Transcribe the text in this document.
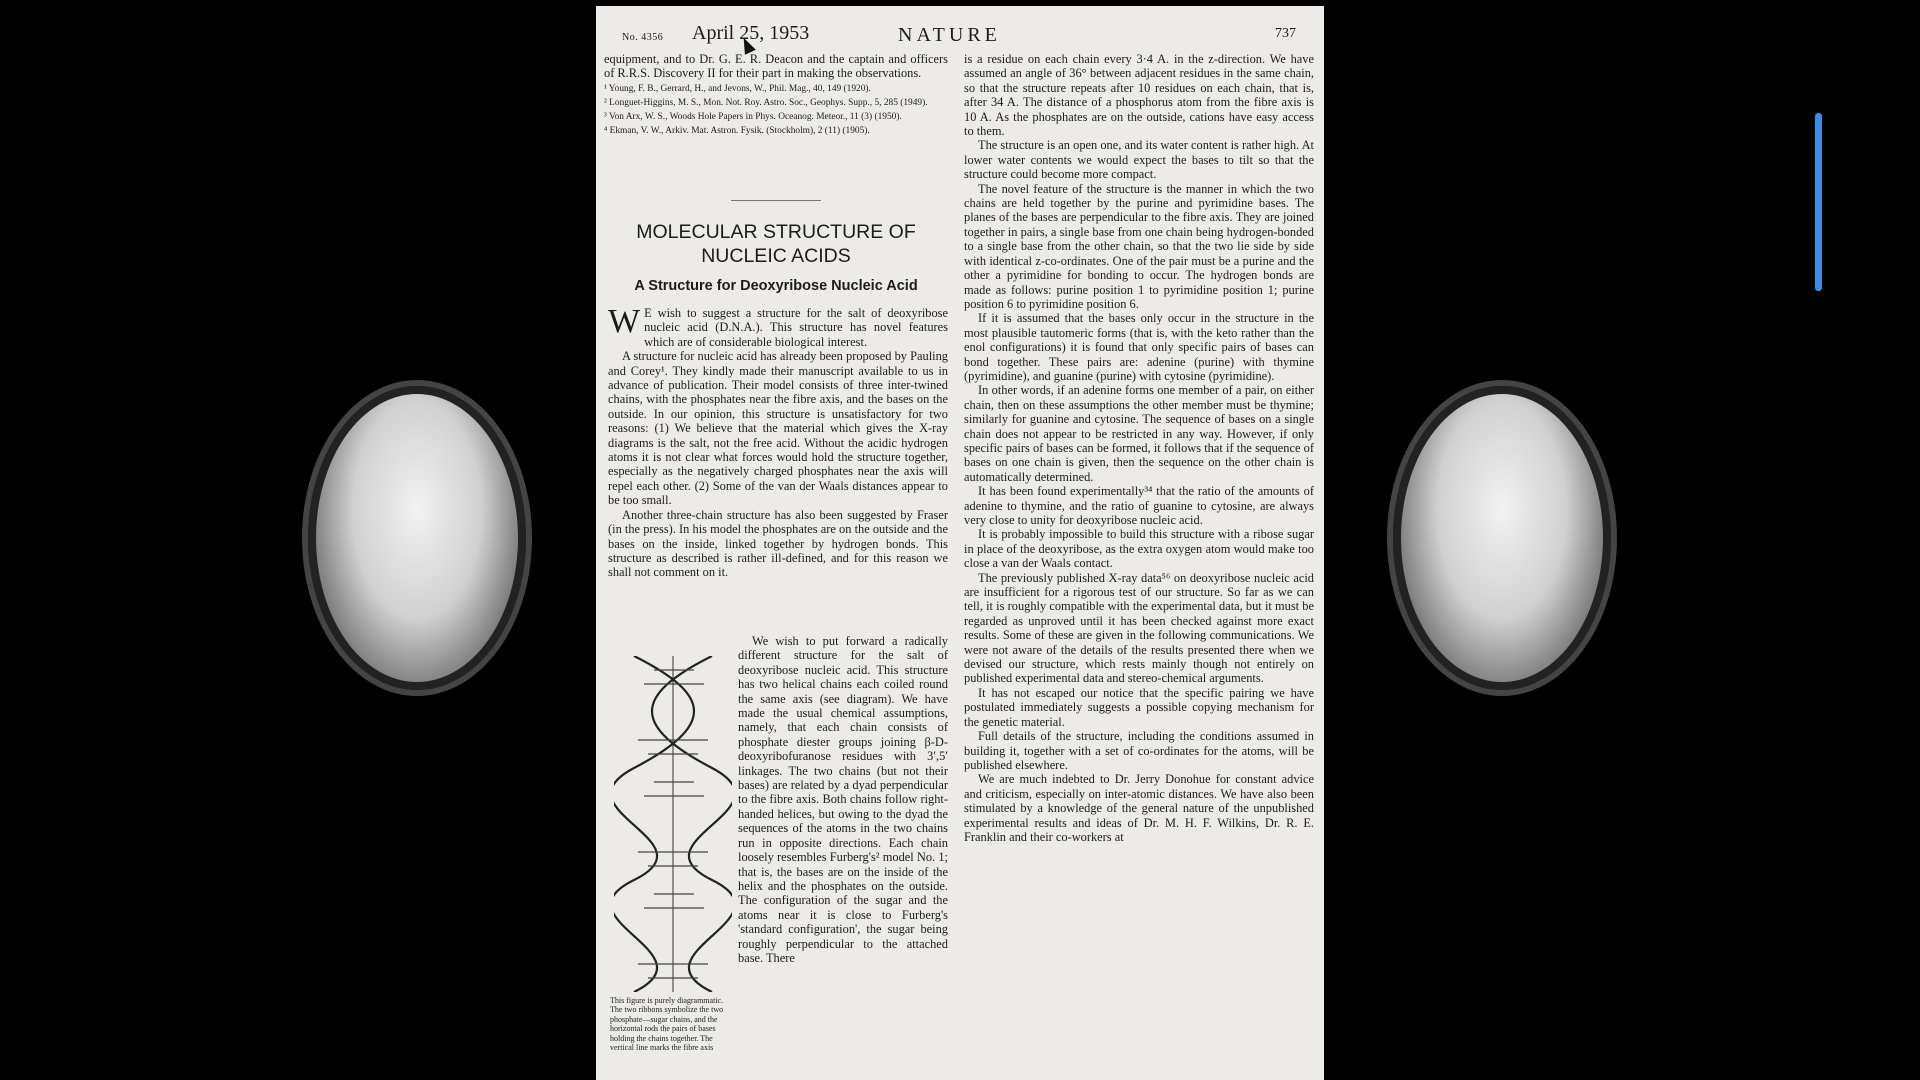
No. 4356 April 25, 1953	NATURE	737

equipment, and to Dr. G. E. R. Deacon and the captain and officers of R.R.S. Discovery II for their part in making the observations.

¹ Young, F. B., Gerrard, H., and Jevons, W., Phil. Mag., 40, 149 (1920).

² Longuet-Higgins, M. S., Mon. Not. Roy. Astro. Soc., Geophys. Supp., 5, 285 (1949).

³ Von Arx, W. S., Woods Hole Papers in Phys. Oceanog. Meteor., 11 (3) (1950).

⁴ Ekman, V. W., Arkiv. Mat. Astron. Fysik. (Stockholm), 2 (11) (1905).

MOLECULAR STRUCTURE OF NUCLEIC ACIDS
A Structure for Deoxyribose Nucleic Acid

W E wish to suggest a structure for the salt of deoxyribose nucleic acid (D.N.A.). This structure has novel features which are of considerable biological interest.

A structure for nucleic acid has already been proposed by Pauling and Corey¹. They kindly made their manuscript available to us in advance of publication. Their model consists of three inter-twined chains, with the phosphates near the fibre axis, and the bases on the outside. In our opinion, this structure is unsatisfactory for two reasons: (1) We believe that the material which gives the X-ray diagrams is the salt, not the free acid. Without the acidic hydrogen atoms it is not clear what forces would hold the structure together, especially as the negatively charged phosphates near the axis will repel each other. (2) Some of the van der Waals distances appear to be too small.

Another three-chain structure has also been suggested by Fraser (in the press). In his model the phosphates are on the outside and the bases on the inside, linked together by hydrogen bonds. This structure as described is rather ill-defined, and for this reason we shall not comment on it.

This figure is purely diagrammatic. The two ribbons symbolize the two phosphate—sugar chains, and the horizontal rods the pairs of bases holding the chains together. The vertical line marks the fibre axis

We wish to put forward a radically different structure for the salt of deoxyribose nucleic acid. This structure has two helical chains each coiled round the same axis (see diagram). We have made the usual chemical assumptions, namely, that each chain consists of phosphate diester groups joining β-D-deoxyribofuranose residues with 3′,5′ linkages. The two chains (but not their bases) are related by a dyad perpendicular to the fibre axis. Both chains follow right-handed helices, but owing to the dyad the sequences of the atoms in the two chains run in opposite directions. Each chain loosely resembles Furberg's² model No. 1; that is, the bases are on the inside of the helix and the phosphates on the outside. The configuration of the sugar and the atoms near it is close to Furberg's 'standard configuration', the sugar being roughly perpendicular to the attached base. There

is a residue on each chain every 3·4 A. in the z-direction. We have assumed an angle of 36° between adjacent residues in the same chain, so that the structure repeats after 10 residues on each chain, that is, after 34 A. The distance of a phosphorus atom from the fibre axis is 10 A. As the phosphates are on the outside, cations have easy access to them.

The structure is an open one, and its water content is rather high. At lower water contents we would expect the bases to tilt so that the structure could become more compact.

The novel feature of the structure is the manner in which the two chains are held together by the purine and pyrimidine bases. The planes of the bases are perpendicular to the fibre axis. They are joined together in pairs, a single base from one chain being hydrogen-bonded to a single base from the other chain, so that the two lie side by side with identical z-co-ordinates. One of the pair must be a purine and the other a pyrimidine for bonding to occur. The hydrogen bonds are made as follows: purine position 1 to pyrimidine position 1; purine position 6 to pyrimidine position 6.

If it is assumed that the bases only occur in the structure in the most plausible tautomeric forms (that is, with the keto rather than the enol configurations) it is found that only specific pairs of bases can bond together. These pairs are: adenine (purine) with thymine (pyrimidine), and guanine (purine) with cytosine (pyrimidine).

In other words, if an adenine forms one member of a pair, on either chain, then on these assumptions the other member must be thymine; similarly for guanine and cytosine. The sequence of bases on a single chain does not appear to be restricted in any way. However, if only specific pairs of bases can be formed, it follows that if the sequence of bases on one chain is given, then the sequence on the other chain is automatically determined.

It has been found experimentally³⁴ that the ratio of the amounts of adenine to thymine, and the ratio of guanine to cytosine, are always very close to unity for deoxyribose nucleic acid.

It is probably impossible to build this structure with a ribose sugar in place of the deoxyribose, as the extra oxygen atom would make too close a van der Waals contact.

The previously published X-ray data⁵⁶ on deoxyribose nucleic acid are insufficient for a rigorous test of our structure. So far as we can tell, it is roughly compatible with the experimental data, but it must be regarded as unproved until it has been checked against more exact results. Some of these are given in the following communications. We were not aware of the details of the results presented there when we devised our structure, which rests mainly though not entirely on published experimental data and stereo-chemical arguments.

It has not escaped our notice that the specific pairing we have postulated immediately suggests a possible copying mechanism for the genetic material.

Full details of the structure, including the conditions assumed in building it, together with a set of co-ordinates for the atoms, will be published elsewhere.

We are much indebted to Dr. Jerry Donohue for constant advice and criticism, especially on inter-atomic distances. We have also been stimulated by a knowledge of the general nature of the unpublished experimental results and ideas of Dr. M. H. F. Wilkins, Dr. R. E. Franklin and their co-workers at
